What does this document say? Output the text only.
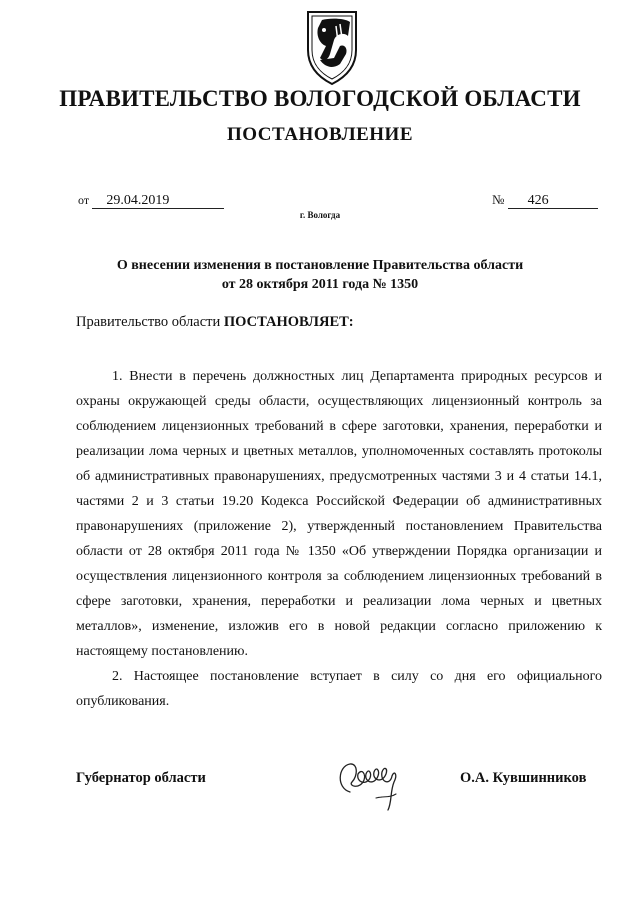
ПРАВИТЕЛЬСТВО ВОЛОГОДСКОЙ ОБЛАСТИ
ПОСТАНОВЛЕНИЕ
от 29.04.2019	№ 426
г. Вологда
О внесении изменения в постановление Правительства области
от 28 октября 2011 года № 1350
Правительство области ПОСТАНОВЛЯЕТ:

1. Внести в перечень должностных лиц Департамента природных ресурсов и охраны окружающей среды области, осуществляющих лицензионный контроль за соблюдением лицензионных требований в сфере заготовки, хранения, переработки и реализации лома черных и цветных металлов, уполномоченных составлять протоколы об административных правонарушениях, предусмотренных частями 3 и 4 статьи 14.1, частями 2 и 3 статьи 19.20 Кодекса Российской Федерации об административных правонарушениях (приложение 2), утвержденный постановлением Правительства области от 28 октября 2011 года № 1350 «Об утверждении Порядка организации и осуществления лицензионного контроля за соблюдением лицензионных требований в сфере заготовки, хранения, переработки и реализации лома черных и цветных металлов», изменение, изложив его в новой редакции согласно приложению к настоящему постановлению.

2. Настоящее постановление вступает в силу со дня его официального опубликования.

Губернатор области	О.А. Кувшинников
